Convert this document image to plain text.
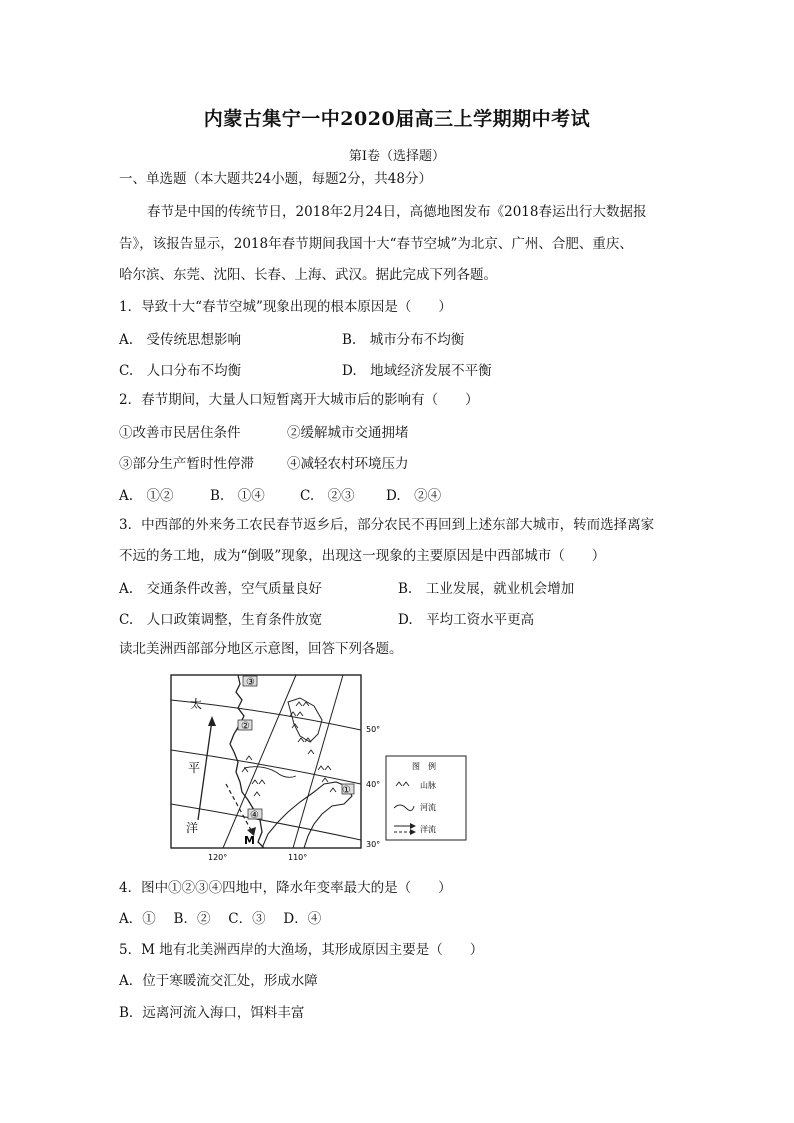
内蒙古集宁一中2020届高三上学期期中考试
第Ⅰ卷（选择题）
一、单选题（本大题共24小题，每题2分，共48分）
春节是中国的传统节日，2018年2月24日，高德地图发布《2018春运出行大数据报
告》，该报告显示，2018年春节期间我国十大“春节空城”为北京、广州、合肥、重庆、
哈尔滨、东莞、沈阳、长春、上海、武汉。据此完成下列各题。
1．导致十大“春节空城”现象出现的根本原因是（　　）
A.　受传统思想影响	B.　城市分布不均衡
C.　人口分布不均衡	D.　地域经济发展不平衡
2．春节期间，大量人口短暂离开大城市后的影响有（　　）
①改善市民居住条件	②缓解城市交通拥堵
③部分生产暂时性停滞 ④减轻农村环境压力
A.　①②	B.　①④	C.　②③ D.　②④
3．中西部的外来务工农民春节返乡后，部分农民不再回到上述东部大城市，转而选择离家
不远的务工地，成为“倒吸”现象，出现这一现象的主要原因是中西部城市（　　）
A.　交通条件改善，空气质量良好	B.　工业发展，就业机会增加
C.　人口政策调整，生育条件放宽	D.　平均工资水平更高
读北美洲西部部分地区示意图，回答下列各题。
③
②
①
④
M
太
平
洋
50°
40°
30°
120°	110°
图　例
山脉
河流
洋流
4．图中①②③④四地中，降水年变率最大的是（　　）
A．①　 B．②　 C．③　 D．④
5．M 地有北美洲西岸的大渔场，其形成原因主要是（　　）
A．位于寒暖流交汇处，形成水障
B．远离河流入海口，饵料丰富
